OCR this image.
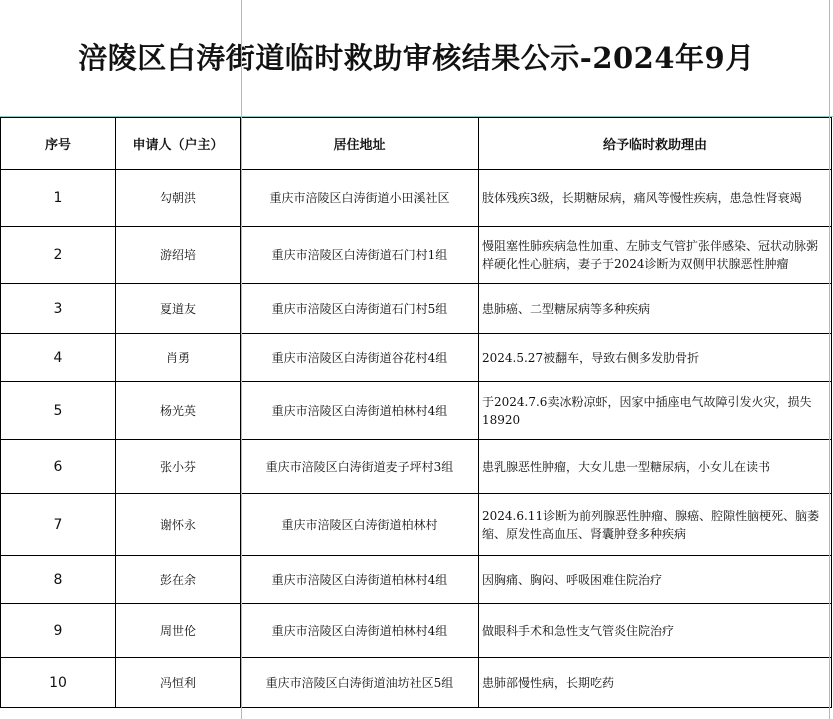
涪陵区白涛街道临时救助审核结果公示-2024年9月
序号	申请人（户主）	居住地址	给予临时救助理由
1	勾朝洪	重庆市涪陵区白涛街道小田溪社区	肢体残疾3级，长期糖尿病，痛风等慢性疾病，患急性肾衰竭
2	游绍培	重庆市涪陵区白涛街道石门村1组	慢阻塞性肺疾病急性加重、左肺支气管扩张伴感染、冠状动脉粥样硬化性心脏病，妻子于2024诊断为双侧甲状腺恶性肿瘤
3	夏道友	重庆市涪陵区白涛街道石门村5组	患肺癌、二型糖尿病等多种疾病
4	肖勇	重庆市涪陵区白涛街道谷花村4组	2024.5.27被翻车，导致右侧多发肋骨折
5	杨光英	重庆市涪陵区白涛街道柏林村4组	于2024.7.6卖冰粉凉虾，因家中插座电气故障引发火灾，损失18920
6	张小芬	重庆市涪陵区白涛街道麦子坪村3组	患乳腺恶性肿瘤，大女儿患一型糖尿病，小女儿在读书
7	谢怀永	重庆市涪陵区白涛街道柏林村	2024.6.11诊断为前列腺恶性肿瘤、腺癌、腔隙性脑梗死、脑萎缩、原发性高血压、肾囊肿登多种疾病
8	彭在余	重庆市涪陵区白涛街道柏林村4组	因胸痛、胸闷、呼吸困难住院治疗
9	周世伦	重庆市涪陵区白涛街道柏林村4组	做眼科手术和急性支气管炎住院治疗
10	冯恒利	重庆市涪陵区白涛街道油坊社区5组	患肺部慢性病，长期吃药
